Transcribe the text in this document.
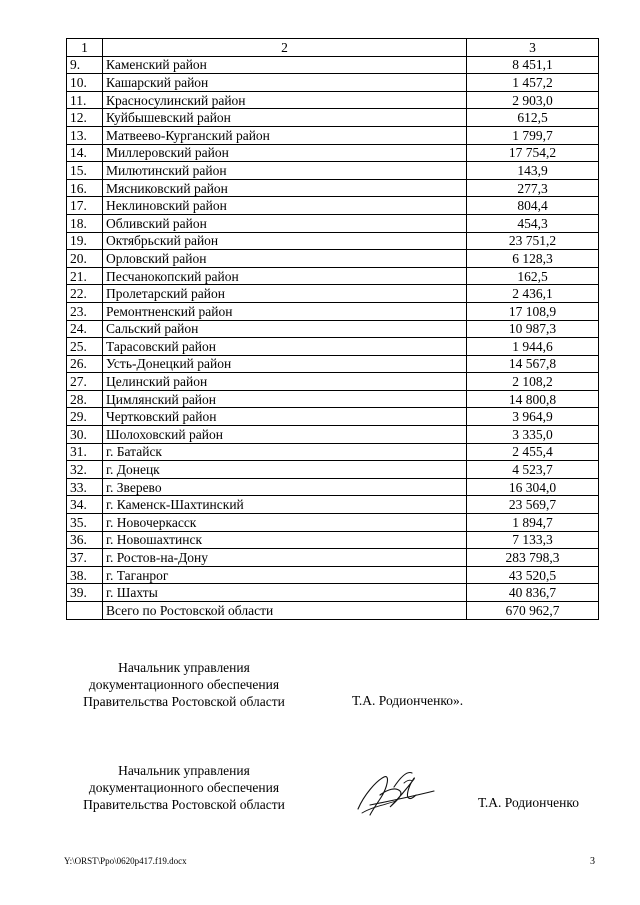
1	2	3
9.	Каменский район	8 451,1
10.	Кашарский район	1 457,2
11.	Красносулинский район	2 903,0
12.	Куйбышевский район	612,5
13.	Матвеево-Курганский район	1 799,7
14.	Миллеровский район	17 754,2
15.	Милютинский район	143,9
16.	Мясниковский район	277,3
17.	Неклиновский район	804,4
18.	Обливский район	454,3
19.	Октябрьский район	23 751,2
20.	Орловский район	6 128,3
21.	Песчанокопский район	162,5
22.	Пролетарский район	2 436,1
23.	Ремонтненский район	17 108,9
24.	Сальский район	10 987,3
25.	Тарасовский район	1 944,6
26.	Усть-Донецкий район	14 567,8
27.	Целинский район	2 108,2
28.	Цимлянский район	14 800,8
29.	Чертковский район	3 964,9
30.	Шолоховский район	3 335,0
31.	г. Батайск	2 455,4
32.	г. Донецк	4 523,7
33.	г. Зверево	16 304,0
34.	г. Каменск-Шахтинский	23 569,7
35.	г. Новочеркасск	1 894,7
36.	г. Новошахтинск	7 133,3
37.	г. Ростов-на-Дону	283 798,3
38.	г. Таганрог	43 520,5
39.	г. Шахты	40 836,7
	Всего по Ростовской области	670 962,7
Начальник управления
документационного обеспечения
Правительства Ростовской области	Т.А. Родионченко».
Начальник управления
документационного обеспечения
Правительства Ростовской области	Т.А. Родионченко
Y:\ORST\Ppo\0620p417.f19.docx	3
